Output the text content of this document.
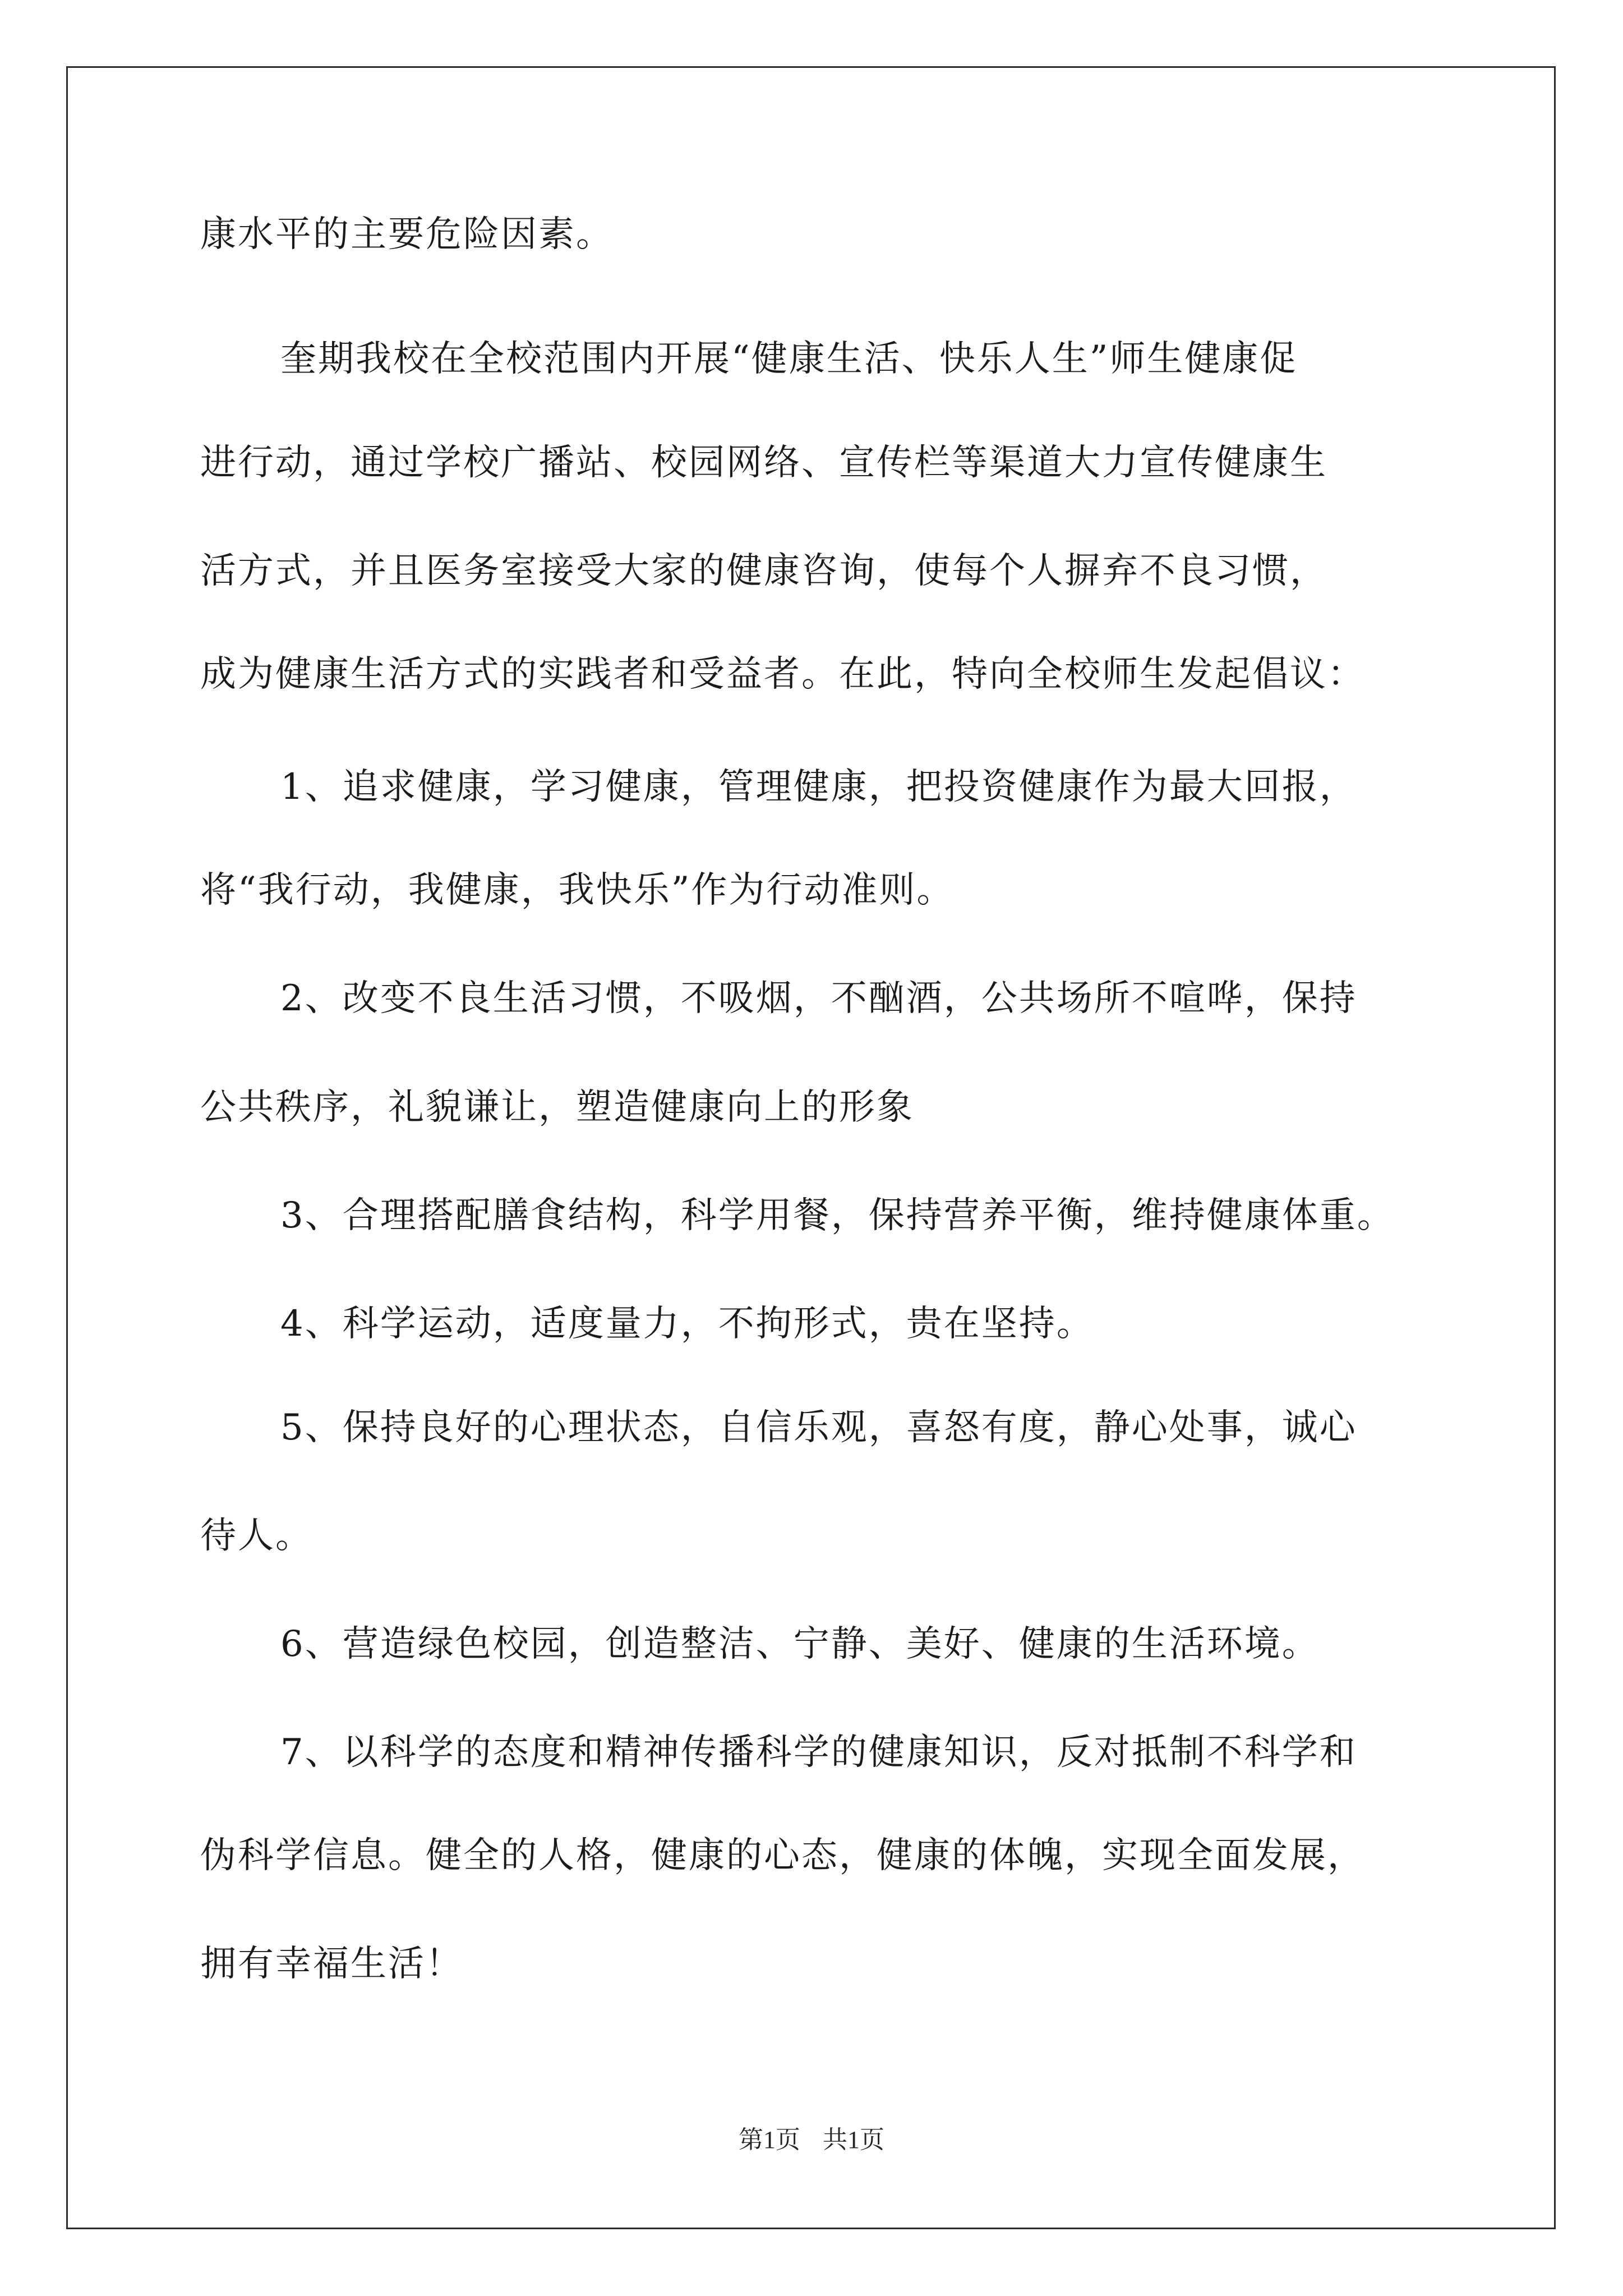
康水平的主要危险因素。
奎期我校在全校范围内开展“健康生活、快乐人生”师生健康促
进行动，通过学校广播站、校园网络、宣传栏等渠道大力宣传健康生
活方式，并且医务室接受大家的健康咨询，使每个人摒弃不良习惯，
成为健康生活方式的实践者和受益者。在此，特向全校师生发起倡议：
1、追求健康，学习健康，管理健康，把投资健康作为最大回报，
将“我行动，我健康，我快乐”作为行动准则。
2、改变不良生活习惯，不吸烟，不酗酒，公共场所不喧哗，保持
公共秩序，礼貌谦让，塑造健康向上的形象
3、合理搭配膳食结构，科学用餐，保持营养平衡，维持健康体重。
4、科学运动，适度量力，不拘形式，贵在坚持。
5、保持良好的心理状态，自信乐观，喜怒有度，静心处事，诚心
待人。
6、营造绿色校园，创造整洁、宁静、美好、健康的生活环境。
7、以科学的态度和精神传播科学的健康知识，反对抵制不科学和
伪科学信息。健全的人格，健康的心态，健康的体魄，实现全面发展，
拥有幸福生活！
第1页 共1页
